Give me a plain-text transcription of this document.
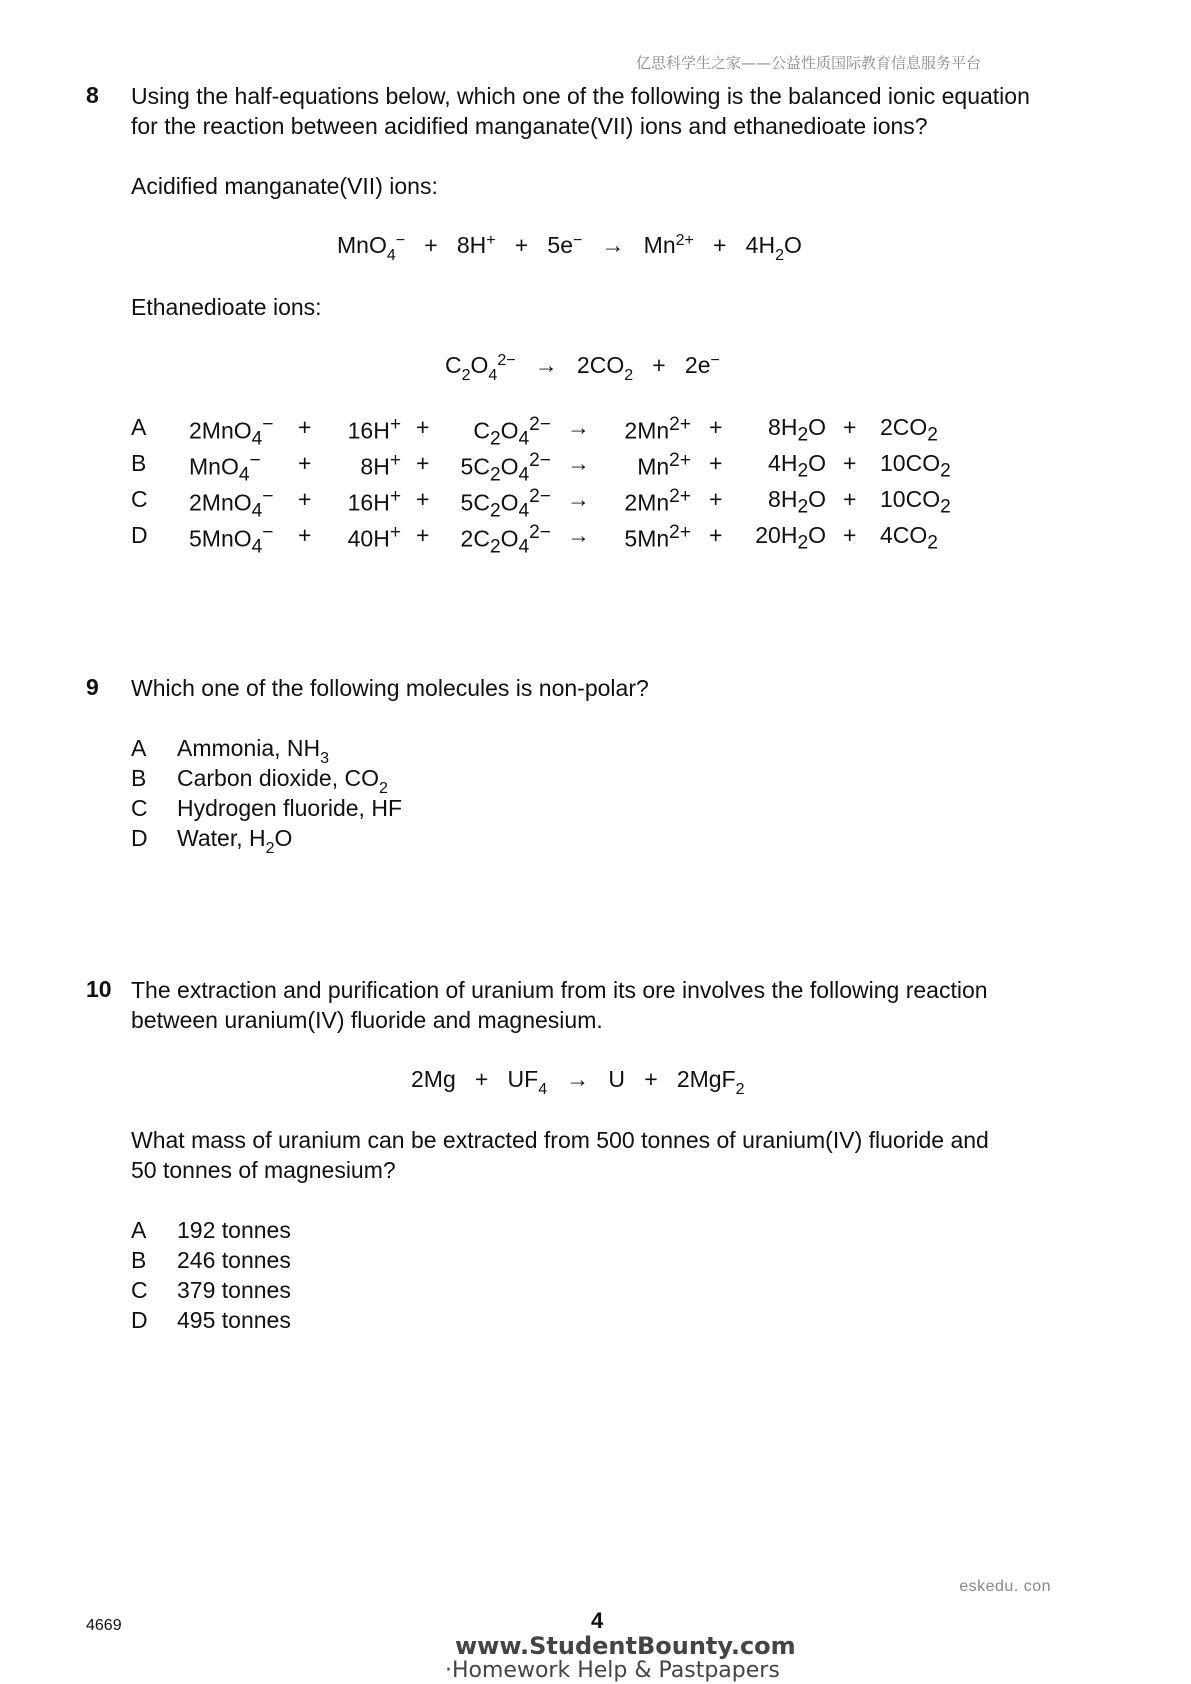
亿思科学生之家——公益性质国际教育信息服务平台
8 Using the half-equations below, which one of the following is the balanced ionic equation
for the reaction between acidified manganate(VII) ions and ethanedioate ions?
Acidified manganate(VII) ions:
$MnO_4^- + 8H^+ + 5e^- \to Mn^{2+} + 4H_2O$
Ethanedioate ions:
$C_2O_4^{2-} \to 2CO_2 + 2e^-$
A 2MnO$_4$− +	16H+ +	$C_2O_4^{2-}$ →	$2Mn^{2+}$ +	$8H_2O + 2CO_2$
B MnO$_4$− +	8H+ +	$5C_2O_4^{2-}$ →	$Mn^{2+}$ +	$4H_2O + 10CO_2$
C 2MnO$_4$− +	16H+ +	$5C_2O_4^{2-}$ →	$2Mn^{2+}$ +	$8H_2O + 10CO_2$
D 5MnO$_4$− +	40H+ +	$2C_2O_4^{2-}$ →	$5Mn^{2+}$ +	$20H_2O + 4CO_2$
9 Which one of the following molecules is non-polar?
A Ammonia, $NH_3$
B Carbon dioxide, $CO_2$
C Hydrogen fluoride, HF
D Water, $H_2O$
10 The extraction and purification of uranium from its ore involves the following reaction
between uranium(IV) fluoride and magnesium.
$2Mg + UF_4 \to U + 2MgF_2$
What mass of uranium can be extracted from 500 tonnes of uranium(IV) fluoride and
50 tonnes of magnesium?
A 192 tonnes
B 246 tonnes
C 379 tonnes
D 495 tonnes
eskedu. con
4669	4
www.StudentBounty.com
·Homework Help & Pastpapers
